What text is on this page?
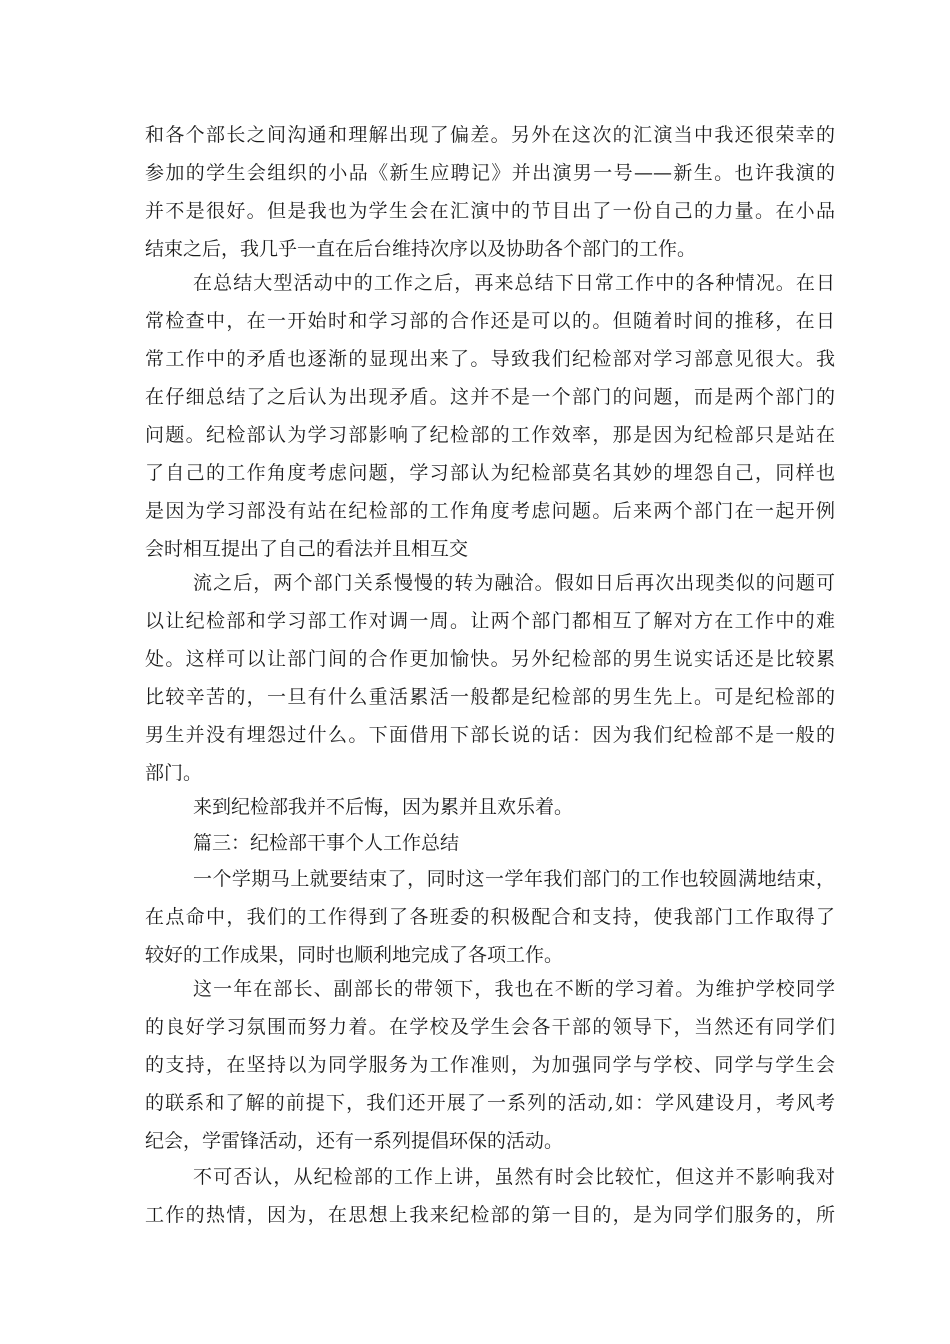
和各个部长之间沟通和理解出现了偏差。另外在这次的汇演当中我还很荣幸的
参加的学生会组织的小品《新生应聘记》并出演男一号——新生。也许我演的
并不是很好。但是我也为学生会在汇演中的节目出了一份自己的力量。在小品
结束之后，我几乎一直在后台维持次序以及协助各个部门的工作。
在总结大型活动中的工作之后，再来总结下日常工作中的各种情况。在日
常检查中，在一开始时和学习部的合作还是可以的。但随着时间的推移，在日
常工作中的矛盾也逐渐的显现出来了。导致我们纪检部对学习部意见很大。我
在仔细总结了之后认为出现矛盾。这并不是一个部门的问题，而是两个部门的
问题。纪检部认为学习部影响了纪检部的工作效率，那是因为纪检部只是站在
了自己的工作角度考虑问题，学习部认为纪检部莫名其妙的埋怨自己，同样也
是因为学习部没有站在纪检部的工作角度考虑问题。后来两个部门在一起开例
会时相互提出了自己的看法并且相互交
流之后，两个部门关系慢慢的转为融洽。假如日后再次出现类似的问题可
以让纪检部和学习部工作对调一周。让两个部门都相互了解对方在工作中的难
处。这样可以让部门间的合作更加愉快。另外纪检部的男生说实话还是比较累
比较辛苦的，一旦有什么重活累活一般都是纪检部的男生先上。可是纪检部的
男生并没有埋怨过什么。下面借用下部长说的话：因为我们纪检部不是一般的
部门。
来到纪检部我并不后悔，因为累并且欢乐着。
篇三：纪检部干事个人工作总结
一个学期马上就要结束了，同时这一学年我们部门的工作也较圆满地结束，
在点命中，我们的工作得到了各班委的积极配合和支持，使我部门工作取得了
较好的工作成果，同时也顺利地完成了各项工作。
这一年在部长、副部长的带领下，我也在不断的学习着。为维护学校同学
的良好学习氛围而努力着。在学校及学生会各干部的领导下，当然还有同学们
的支持，在坚持以为同学服务为工作准则，为加强同学与学校、同学与学生会
的联系和了解的前提下，我们还开展了一系列的活动,如：学风建设月，考风考
纪会，学雷锋活动，还有一系列提倡环保的活动。
不可否认，从纪检部的工作上讲，虽然有时会比较忙，但这并不影响我对
工作的热情，因为，在思想上我来纪检部的第一目的，是为同学们服务的，所
